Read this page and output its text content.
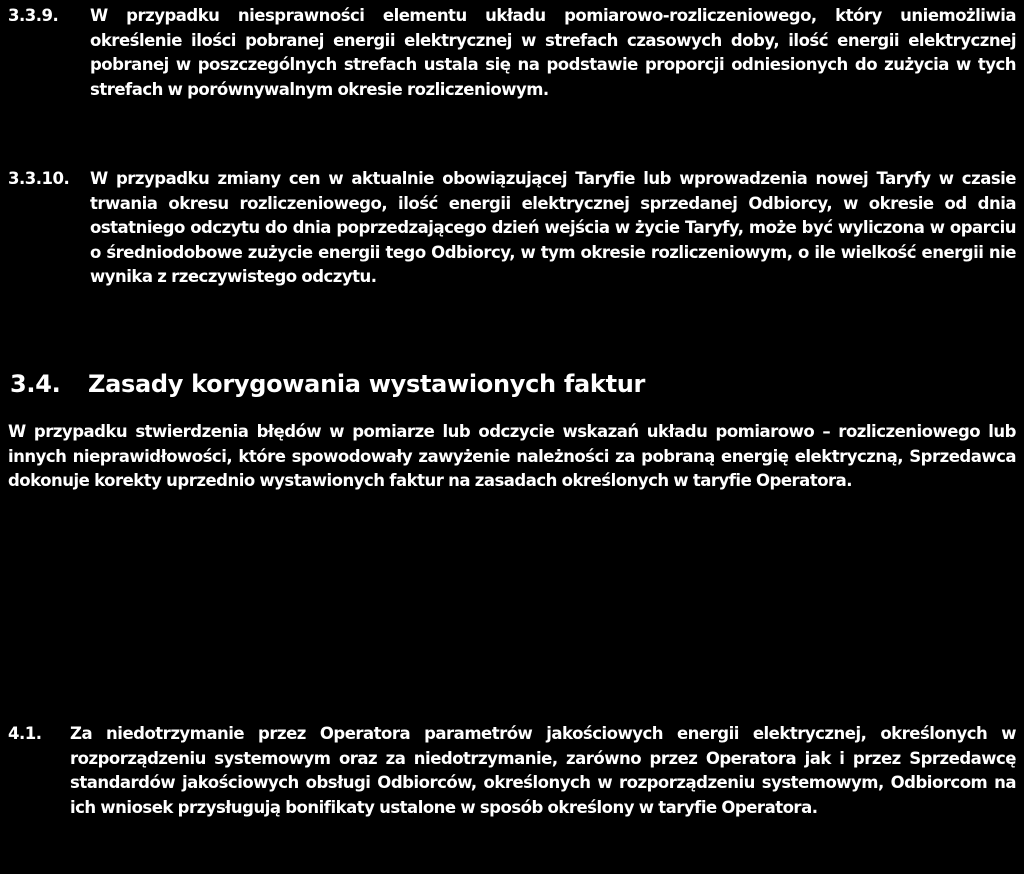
3.3.9. W przypadku niesprawności elementu układu pomiarowo-rozliczeniowego, który uniemożliwia określenie ilości pobranej energii elektrycznej w strefach czasowych doby, ilość energii elektrycznej pobranej w poszczególnych strefach ustala się na podstawie proporcji odniesionych do zużycia w tych strefach w porównywalnym okresie rozliczeniowym.
3.3.10. W przypadku zmiany cen w aktualnie obowiązującej Taryfie lub wprowadzenia nowej Taryfy w czasie trwania okresu rozliczeniowego, ilość energii elektrycznej sprzedanej Odbiorcy, w okresie od dnia ostatniego odczytu do dnia poprzedzającego dzień wejścia w życie Taryfy, może być wyliczona w oparciu o średniodobowe zużycie energii tego Odbiorcy, w tym okresie rozliczeniowym, o ile wielkość energii nie wynika z rzeczywistego odczytu.
3.4. Zasady korygowania wystawionych faktur
W przypadku stwierdzenia błędów w pomiarze lub odczycie wskazań układu pomiarowo – rozliczeniowego lub innych nieprawidłowości, które spowodowały zawyżenie należności za pobraną energię elektryczną, Sprzedawca dokonuje korekty uprzednio wystawionych faktur na zasadach określonych w taryfie Operatora.
4.1. Za niedotrzymanie przez Operatora parametrów jakościowych energii elektrycznej, określonych w rozporządzeniu systemowym oraz za niedotrzymanie, zarówno przez Operatora jak i przez Sprzedawcę standardów jakościowych obsługi Odbiorców, określonych w rozporządzeniu systemowym, Odbiorcom na ich wniosek przysługują bonifikaty ustalone w sposób określony w taryfie Operatora.
